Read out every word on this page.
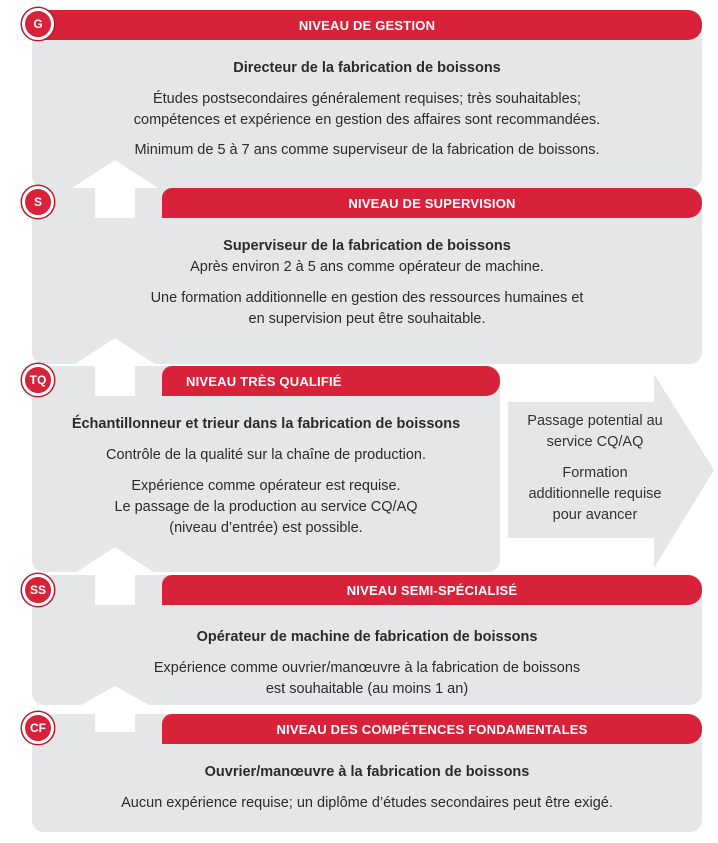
Passage potential au
service CQ/AQ
Formation
additionnelle requise
pour avancer
NIVEAU DE GESTION
NIVEAU DE SUPERVISION
NIVEAU TRÈS QUALIFIÉ
NIVEAU SEMI-SPÉCIALISÉ
NIVEAU DES COMPÉTENCES FONDAMENTALES
G
S
TQ
SS
CF
Directeur de la fabrication de boissons
Études postsecondaires généralement requises; très souhaitables;
compétences et expérience en gestion des affaires sont recommandées.
Minimum de 5 à 7 ans comme superviseur de la fabrication de boissons.
Superviseur de la fabrication de boissons
Après environ 2 à 5 ans comme opérateur de machine.
Une formation additionnelle en gestion des ressources humaines et
en supervision peut être souhaitable.
Échantillonneur et trieur dans la fabrication de boissons
Contrôle de la qualité sur la chaîne de production.
Expérience comme opérateur est requise.
Le passage de la production au service CQ/AQ
(niveau d’entrée) est possible.
Opérateur de machine de fabrication de boissons
Expérience comme ouvrier/manœuvre à la fabrication de boissons
est souhaitable (au moins 1 an)
Ouvrier/manœuvre à la fabrication de boissons
Aucun expérience requise; un diplôme d’études secondaires peut être exigé.
